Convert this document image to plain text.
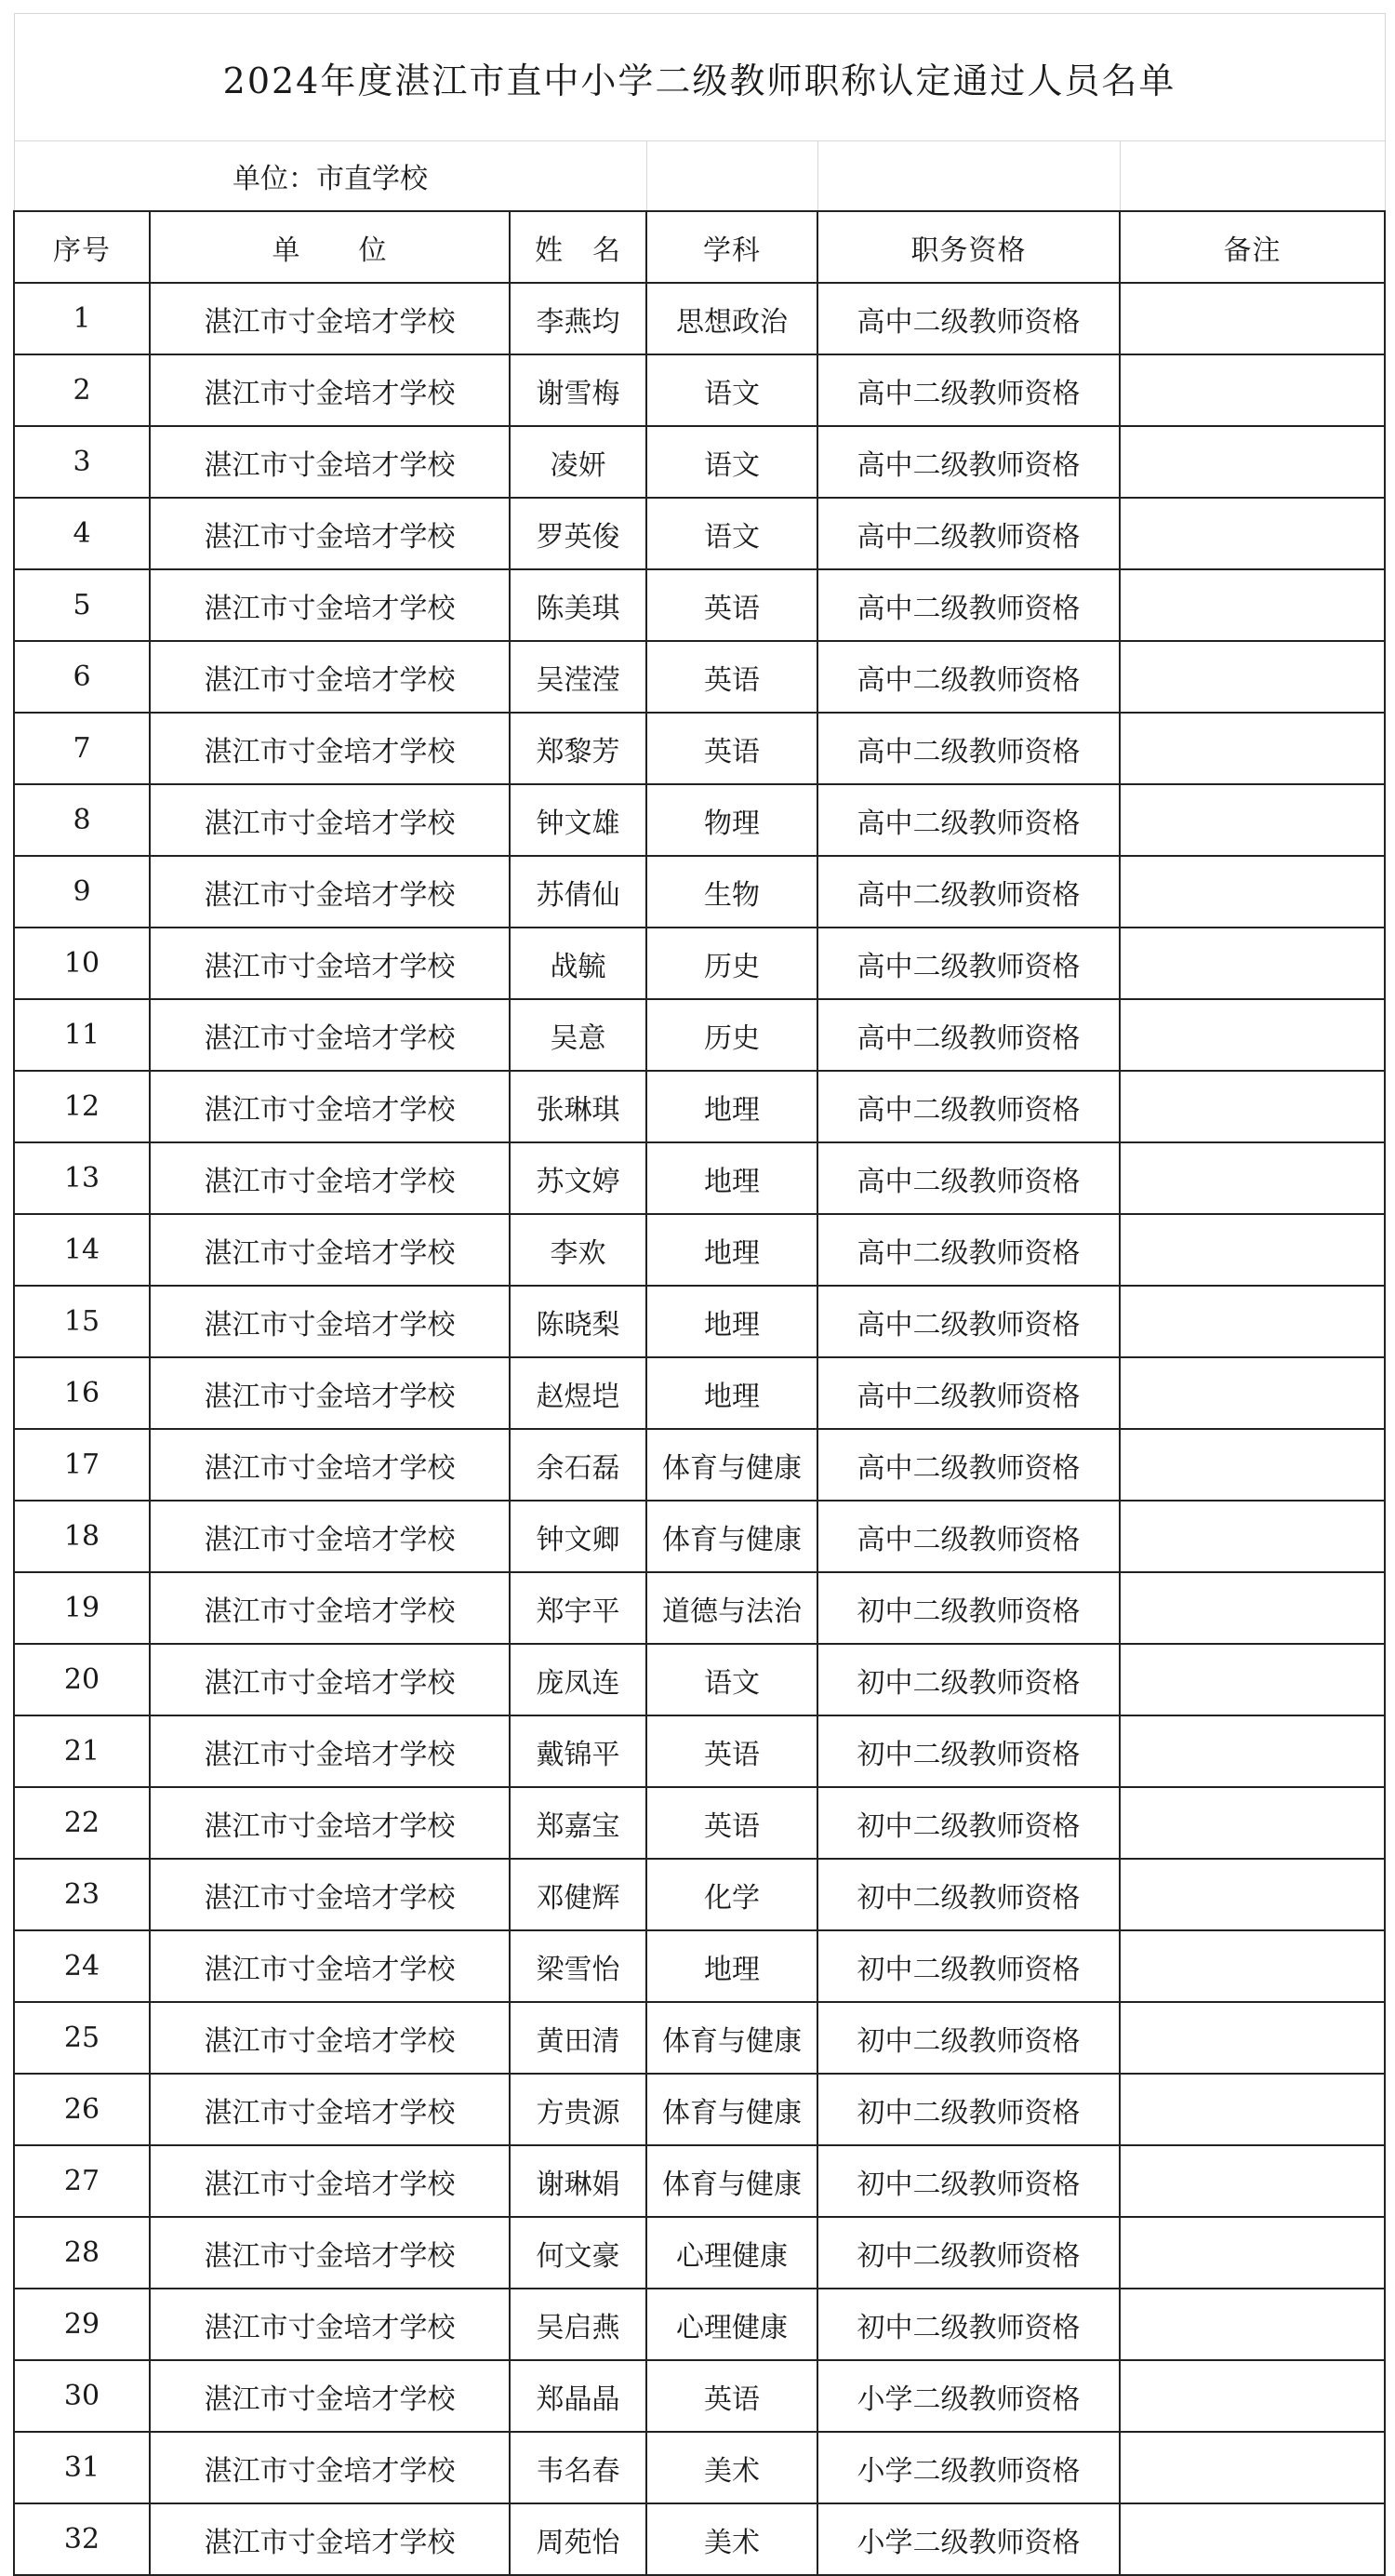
2024年度湛江市直中小学二级教师职称认定通过人员名单					
单位：市直学校					
序号	单　　位	姓　名	学科	职务资格	备注
1	湛江市寸金培才学校	李燕均	思想政治	高中二级教师资格	
2	湛江市寸金培才学校	谢雪梅	语文	高中二级教师资格	
3	湛江市寸金培才学校	凌妍	语文	高中二级教师资格	
4	湛江市寸金培才学校	罗英俊	语文	高中二级教师资格	
5	湛江市寸金培才学校	陈美琪	英语	高中二级教师资格	
6	湛江市寸金培才学校	吴滢滢	英语	高中二级教师资格	
7	湛江市寸金培才学校	郑黎芳	英语	高中二级教师资格	
8	湛江市寸金培才学校	钟文雄	物理	高中二级教师资格	
9	湛江市寸金培才学校	苏倩仙	生物	高中二级教师资格	
10	湛江市寸金培才学校	战毓	历史	高中二级教师资格	
11	湛江市寸金培才学校	吴意	历史	高中二级教师资格	
12	湛江市寸金培才学校	张琳琪	地理	高中二级教师资格	
13	湛江市寸金培才学校	苏文婷	地理	高中二级教师资格	
14	湛江市寸金培才学校	李欢	地理	高中二级教师资格	
15	湛江市寸金培才学校	陈晓梨	地理	高中二级教师资格	
16	湛江市寸金培才学校	赵煜垲	地理	高中二级教师资格	
17	湛江市寸金培才学校	余石磊	体育与健康	高中二级教师资格	
18	湛江市寸金培才学校	钟文卿	体育与健康	高中二级教师资格	
19	湛江市寸金培才学校	郑宇平	道德与法治	初中二级教师资格	
20	湛江市寸金培才学校	庞凤连	语文	初中二级教师资格	
21	湛江市寸金培才学校	戴锦平	英语	初中二级教师资格	
22	湛江市寸金培才学校	郑嘉宝	英语	初中二级教师资格	
23	湛江市寸金培才学校	邓健辉	化学	初中二级教师资格	
24	湛江市寸金培才学校	梁雪怡	地理	初中二级教师资格	
25	湛江市寸金培才学校	黄田清	体育与健康	初中二级教师资格	
26	湛江市寸金培才学校	方贵源	体育与健康	初中二级教师资格	
27	湛江市寸金培才学校	谢琳娟	体育与健康	初中二级教师资格	
28	湛江市寸金培才学校	何文豪	心理健康	初中二级教师资格	
29	湛江市寸金培才学校	吴启燕	心理健康	初中二级教师资格	
30	湛江市寸金培才学校	郑晶晶	英语	小学二级教师资格	
31	湛江市寸金培才学校	韦名春	美术	小学二级教师资格	
32	湛江市寸金培才学校	周苑怡	美术	小学二级教师资格	
